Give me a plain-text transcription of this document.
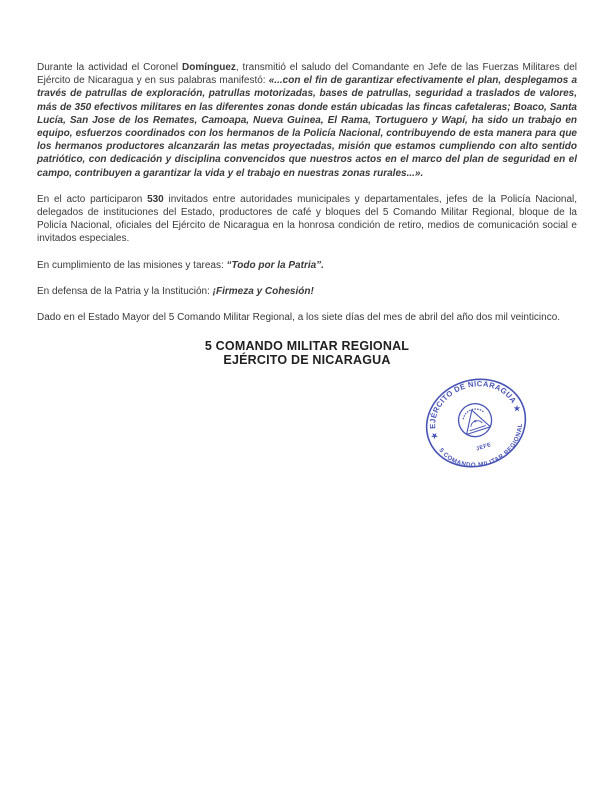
Durante la actividad el Coronel Domínguez, transmitió el saludo del Comandante en Jefe de las Fuerzas Militares del Ejército de Nicaragua y en sus palabras manifestó: «...con el fin de garantizar efectivamente el plan, desplegamos a través de patrullas de exploración, patrullas motorizadas, bases de patrullas, seguridad a traslados de valores, más de 350 efectivos militares en las diferentes zonas donde están ubicadas las fincas cafetaleras; Boaco, Santa Lucía, San Jose de los Remates, Camoapa, Nueva Guinea, El Rama, Tortuguero y Wapí, ha sido un trabajo en equipo, esfuerzos coordinados con los hermanos de la Policía Nacional, contribuyendo de esta manera para que los hermanos productores alcanzarán las metas proyectadas, misión que estamos cumpliendo con alto sentido patriótico, con dedicación y disciplina convencidos que nuestros actos en el marco del plan de seguridad en el campo, contribuyen a garantizar la vida y el trabajo en nuestras zonas rurales...».
En el acto participaron 530 invitados entre autoridades municipales y departamentales, jefes de la Policía Nacional, delegados de instituciones del Estado, productores de café y bloques del 5 Comando Militar Regional, bloque de la Policía Nacional, oficiales del Ejército de Nicaragua en la honrosa condición de retiro, medios de comunicación social e invitados especiales.
En cumplimiento de las misiones y tareas: “Todo por la Patria”.
En defensa de la Patria y la Institución: ¡Firmeza y Cohesión!
Dado en el Estado Mayor del 5 Comando Militar Regional, a los siete días del mes de abril del año dos mil veinticinco.
5 COMANDO MILITAR REGIONAL
EJÉRCITO DE NICARAGUA
★ EJÉRCITO DE NICARAGUA ★
5 COMANDO MILITAR REGIONAL
JEFE
